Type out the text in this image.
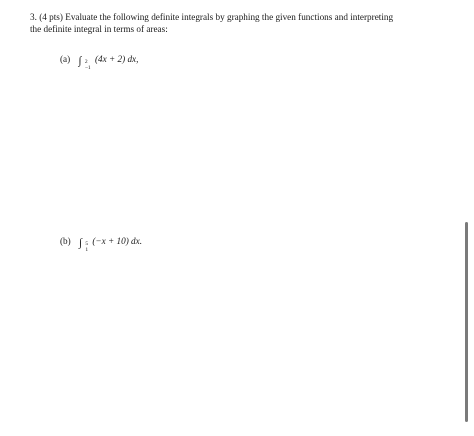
3. (4 pts) Evaluate the following definite integrals by graphing the given functions and interpreting

the definite integral in terms of areas:

(a) ∫ 2
−1
(4x + 2) dx,
(b) ∫ 5
1
(−x + 10) dx.
